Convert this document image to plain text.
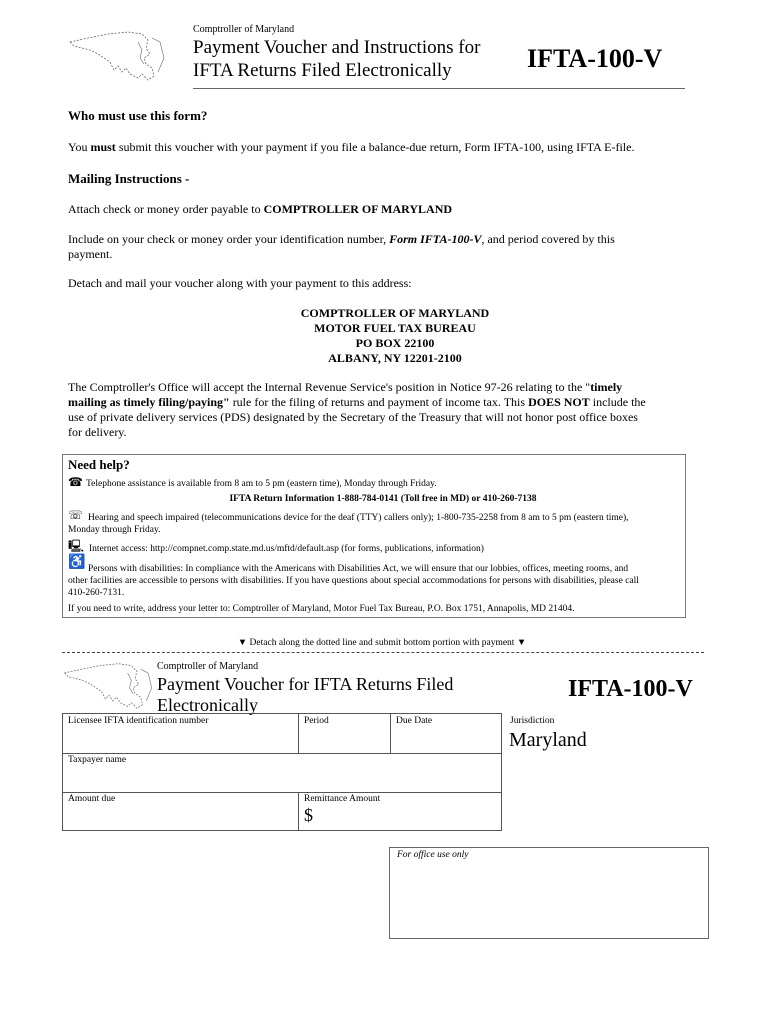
Comptroller of Maryland
Payment Voucher and Instructions for
IFTA Returns Filed Electronically	IFTA-100-V
Who must use this form?
You must submit this voucher with your payment if you file a balance-due return, Form IFTA-100, using IFTA E-file.
Mailing Instructions -
Attach check or money order payable to COMPTROLLER OF MARYLAND
Include on your check or money order your identification number, Form IFTA-100-V, and period covered by this
payment.
Detach and mail your voucher along with your payment to this address:
COMPTROLLER OF MARYLAND
MOTOR FUEL TAX BUREAU
PO BOX 22100
ALBANY, NY 12201-2100
The Comptroller's Office will accept the Internal Revenue Service's position in Notice 97-26 relating to the "timely
mailing as timely filing/paying" rule for the filing of returns and payment of income tax. This DOES NOT include the
use of private delivery services (PDS) designated by the Secretary of the Treasury that will not honor post office boxes
for delivery.
Need help?
☎ Telephone assistance is available from 8 am to 5 pm (eastern time), Monday through Friday.
IFTA Return Information 1-888-784-0141 (Toll free in MD) or 410-260-7138
☏ Hearing and speech impaired (telecommunications device for the deaf (TTY) callers only); 1-800-735-2258 from 8 am to 5 pm (eastern time),
Monday through Friday.
🖳 Internet access: http://compnet.comp.state.md.us/mftd/default.asp (for forms, publications, information)
♿ Persons with disabilities: In compliance with the Americans with Disabilities Act, we will ensure that our lobbies, offices, meeting rooms, and
other facilities are accessible to persons with disabilities. If you have questions about special accommodations for persons with disabilities, please call
410-260-7131.
If you need to write, address your letter to: Comptroller of Maryland, Motor Fuel Tax Bureau, P.O. Box 1751, Annapolis, MD 21404.
▼ Detach along the dotted line and submit bottom portion with payment ▼
Comptroller of Maryland
Payment Voucher for IFTA Returns Filed
Electronically
IFTA-100-V
Licensee IFTA identification number	Period	Due Date	Jurisdiction
Maryland
Taxpayer name
Amount due	Remittance Amount
$
For office use only
